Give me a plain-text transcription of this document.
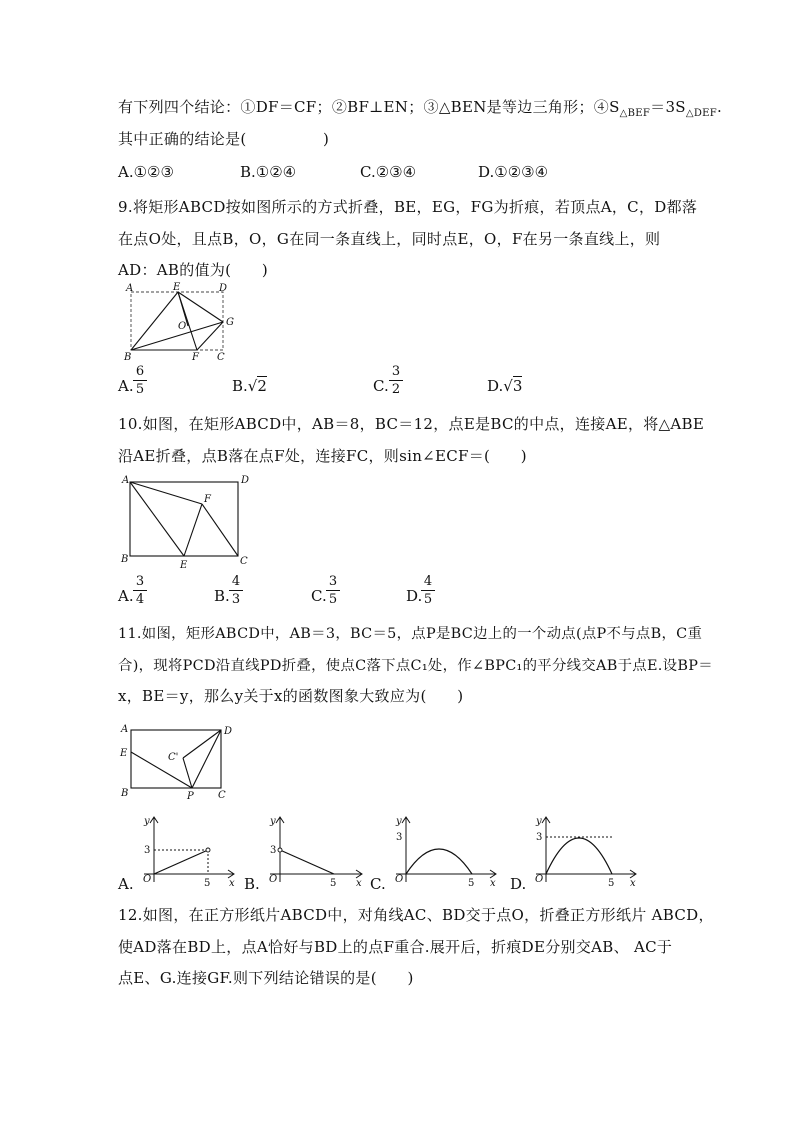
有下列四个结论：①DF＝CF；②BF⊥EN；③△BEN是等边三角形；$④S_{\triangle BEF}=3S_{\triangle DEF}$.
其中正确的结论是(　　　　　)
A.①②③	B.①②④	C.②③④	D.①②③④
9.将矩形ABCD按如图所示的方式折叠，BE，EG，FG为折痕，若顶点A，C，D都落
在点O处，且点B，O，G在同一条直线上，同时点E，O，F在另一条直线上，则
AD：AB的值为(　　)
A	E	D
O	G
B	F C
A.
6
5	B.√2	C.
3
2	D.√3
10.如图，在矩形ABCD中，AB＝8，BC＝12，点E是BC的中点，连接AE，将△ABE
沿AE折叠，点B落在点F处，连接FC，则sin∠ECF＝(　　)
A	D
F
B
E	C
A.
3
4	B.
4
3	C.
3
5	D.
4
5
11.如图，矩形ABCD中，AB＝3，BC＝5，点P是BC边上的一个动点(点P不与点B，C重
合)，现将PCD沿直线PD折叠，使点C落下点C₁处，作∠BPC₁的平分线交AB于点E.设BP＝
x，BE＝y，那么y关于x的函数图象大致应为(　　)
A	D
E	C'
B	P C
A.
y
x
O
3
5 B.
y
x
O
3
5 C.
y
x
O
3
5 D.
y
x
O
3
5
12.如图，在正方形纸片ABCD中，对角线AC、BD交于点O，折叠正方形纸片 ABCD，
使AD落在BD上，点A恰好与BD上的点F重合.展开后，折痕DE分别交AB、 AC于
点E、G.连接GF.则下列结论错误的是(　　)
